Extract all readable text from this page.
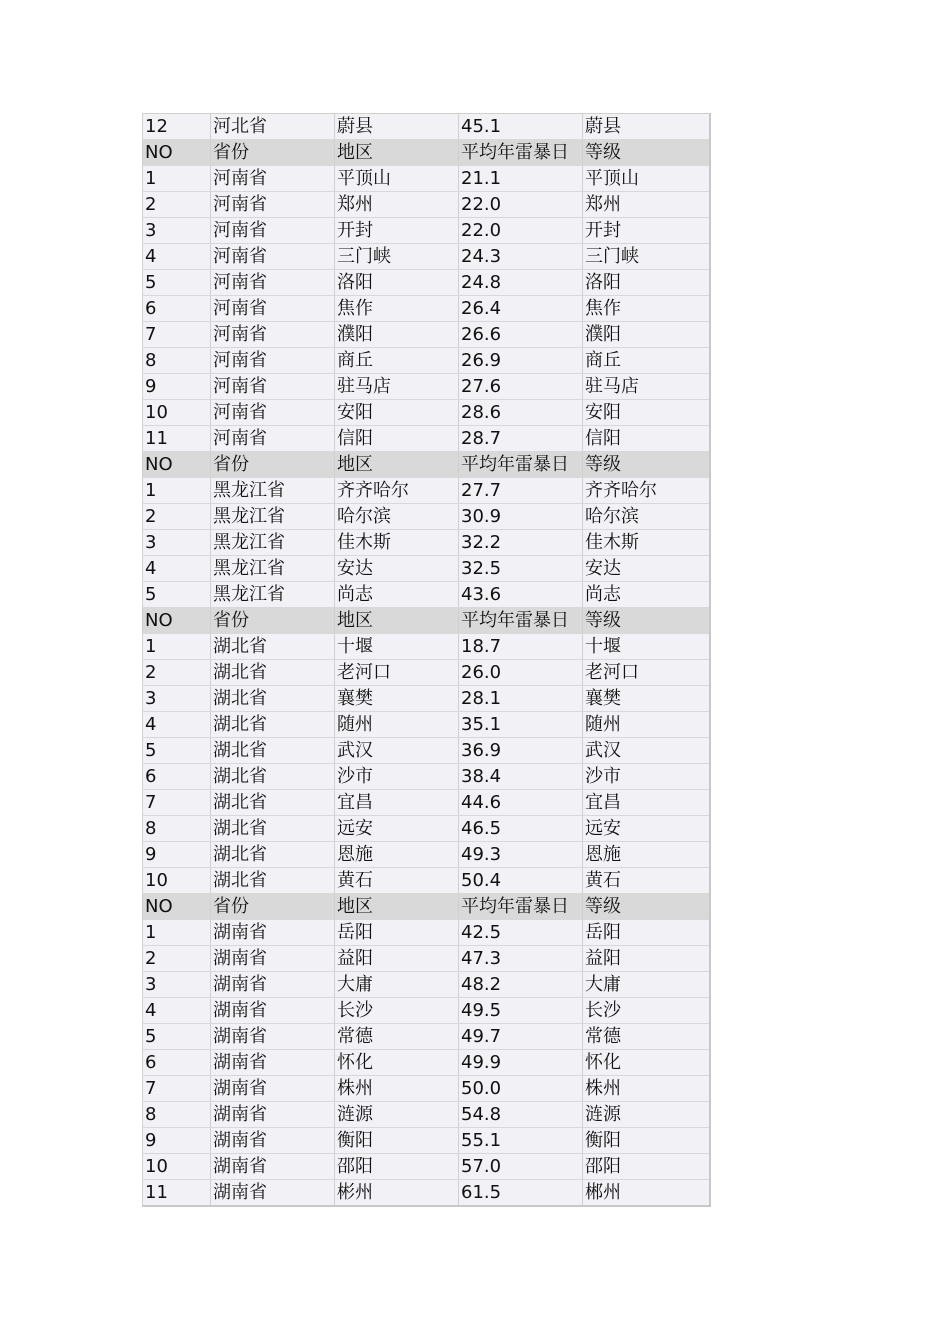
12	河北省	蔚县	45.1	蔚县
NO	省份	地区	平均年雷暴日	等级
1	河南省	平顶山	21.1	平顶山
2	河南省	郑州	22.0	郑州
3	河南省	开封	22.0	开封
4	河南省	三门峡	24.3	三门峡
5	河南省	洛阳	24.8	洛阳
6	河南省	焦作	26.4	焦作
7	河南省	濮阳	26.6	濮阳
8	河南省	商丘	26.9	商丘
9	河南省	驻马店	27.6	驻马店
10	河南省	安阳	28.6	安阳
11	河南省	信阳	28.7	信阳
NO	省份	地区	平均年雷暴日	等级
1	黑龙江省	齐齐哈尔	27.7	齐齐哈尔
2	黑龙江省	哈尔滨	30.9	哈尔滨
3	黑龙江省	佳木斯	32.2	佳木斯
4	黑龙江省	安达	32.5	安达
5	黑龙江省	尚志	43.6	尚志
NO	省份	地区	平均年雷暴日	等级
1	湖北省	十堰	18.7	十堰
2	湖北省	老河口	26.0	老河口
3	湖北省	襄樊	28.1	襄樊
4	湖北省	随州	35.1	随州
5	湖北省	武汉	36.9	武汉
6	湖北省	沙市	38.4	沙市
7	湖北省	宜昌	44.6	宜昌
8	湖北省	远安	46.5	远安
9	湖北省	恩施	49.3	恩施
10	湖北省	黄石	50.4	黄石
NO	省份	地区	平均年雷暴日	等级
1	湖南省	岳阳	42.5	岳阳
2	湖南省	益阳	47.3	益阳
3	湖南省	大庸	48.2	大庸
4	湖南省	长沙	49.5	长沙
5	湖南省	常德	49.7	常德
6	湖南省	怀化	49.9	怀化
7	湖南省	株州	50.0	株州
8	湖南省	涟源	54.8	涟源
9	湖南省	衡阳	55.1	衡阳
10	湖南省	邵阳	57.0	邵阳
11	湖南省	彬州	61.5	郴州
